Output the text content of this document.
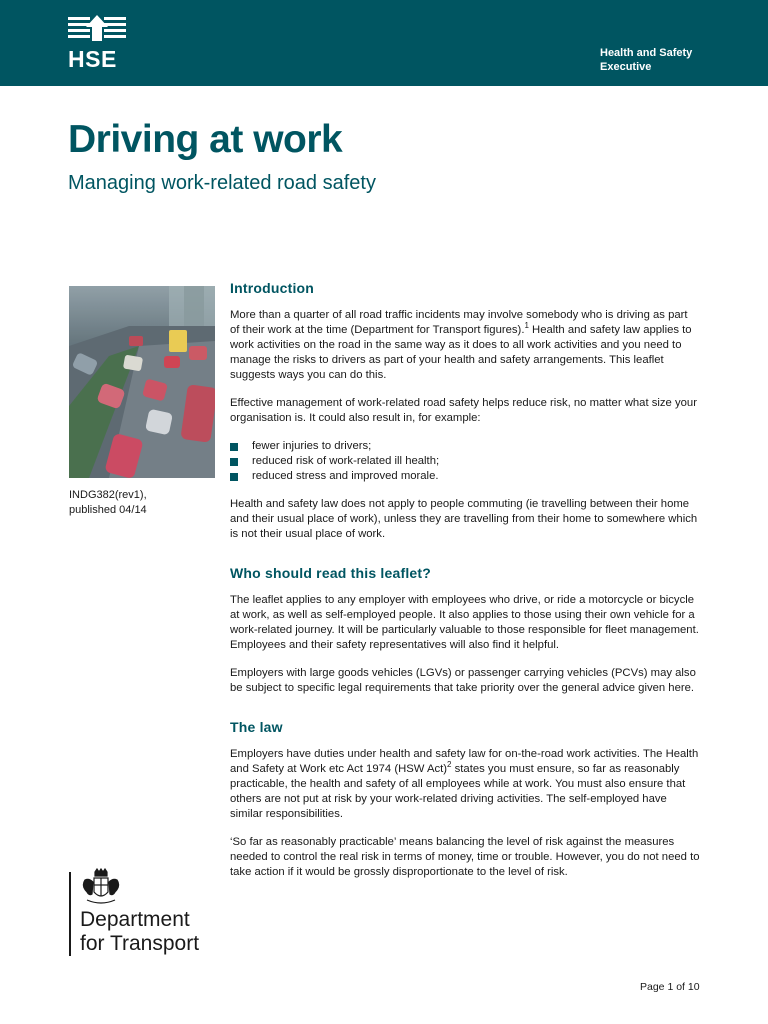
HSE	Health and Safety
Executive
Driving at work
Managing work-related road safety
INDG382(rev1),
published 04/14
Introduction

More than a quarter of all road traffic incidents may involve somebody who is driving as part of their work at the time (Department for Transport figures).$^1$ Health and safety law applies to work activities on the road in the same way as it does to all work activities and you need to manage the risks to drivers as part of your health and safety arrangements. This leaflet suggests ways you can do this.

Effective management of work-related road safety helps reduce risk, no matter what size your organisation is. It could also result in, for example:

fewer injuries to drivers;
reduced risk of work-related ill health;
reduced stress and improved morale.

Health and safety law does not apply to people commuting (ie travelling between their home and their usual place of work), unless they are travelling from their home to somewhere which is not their usual place of work.

Who should read this leaflet?

The leaflet applies to any employer with employees who drive, or ride a motorcycle or bicycle at work, as well as self-employed people. It also applies to those using their own vehicle for a work-related journey. It will be particularly valuable to those responsible for fleet management. Employees and their safety representatives will also find it helpful.

Employers with large goods vehicles (LGVs) or passenger carrying vehicles (PCVs) may also be subject to specific legal requirements that take priority over the general advice given here.

The law

Employers have duties under health and safety law for on-the-road work activities. The Health and Safety at Work etc Act 1974 (HSW Act)$^2$ states you must ensure, so far as reasonably practicable, the health and safety of all employees while at work. You must also ensure that others are not put at risk by your work-related driving activities. The self-employed have similar responsibilities.

‘So far as reasonably practicable’ means balancing the level of risk against the measures needed to control the real risk in terms of money, time or trouble. However, you do not need to take action if it would be grossly disproportionate to the level of risk.

Department
for Transport
Page 1 of 10
